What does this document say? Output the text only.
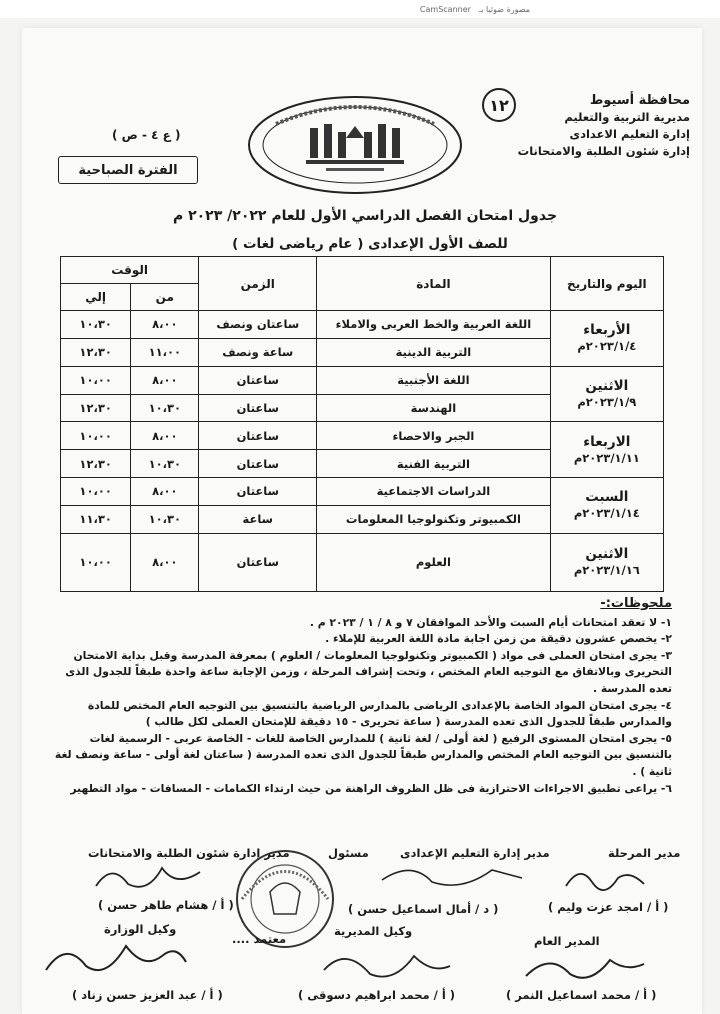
CamScanner مصورة ضوئيا بـ
محافظة أسيوط
مديرية التربية والتعليم
إدارة التعليم الاعدادى
إدارة شئون الطلبة والامتحانات
١٢
( ع ٤ - ص )
الفترة الصباحية
جدول امتحان الفصل الدراسي الأول للعام ٢٠٢٢/ ٢٠٢٣ م
للصف الأول الإعدادى ( عام رياضى لغات )
اليوم والتاريخ	المادة	الزمن	الوقت	
			من	إلي

الأربعاء
٢٠٢٣/١/٤م	اللغة العربية والخط العربى والاملاء	ساعتان ونصف	٨،٠٠	١٠،٣٠
	التربية الدينية	ساعة ونصف	١١،٠٠	١٢،٣٠

الاثنين
٢٠٢٣/١/٩م	اللغة الأجنبية	ساعتان	٨،٠٠	١٠،٠٠
	الهندسة	ساعتان	١٠،٣٠	١٢،٣٠

الاربعاء
٢٠٢٣/١/١١م	الجبر والاحصاء	ساعتان	٨،٠٠	١٠،٠٠
	التربية الفنية	ساعتان	١٠،٣٠	١٢،٣٠

السبت
٢٠٢٣/١/١٤م	الدراسات الاجتماعية	ساعتان	٨،٠٠	١٠،٠٠
	الكمبيوتر وتكنولوجيا المعلومات	ساعة	١٠،٣٠	١١،٣٠

الاثنين
٢٠٢٣/١/١٦م	العلوم	ساعتان	٨،٠٠	١٠،٠٠
ملحوظات:-
١- لا تعقد امتحانات أيام السبت والأحد الموافقان ٧ و ٨ / ١ / ٢٠٢٣ م .
٢- يخصص عشرون دقيقة من زمن اجابة مادة اللغة العربية للإملاء .
٣- يجرى امتحان العملى فى مواد ( الكمبيوتر وتكنولوجيا المعلومات / العلوم ) بمعرفة المدرسة وقبل بداية الامتحان التحريرى وبالاتفاق مع التوجيه العام المختص ، وتحت إشراف المرحلة ، وزمن الإجابة ساعة واحدة طبقاً للجدول الذى تعده المدرسة .
٤- يجرى امتحان المواد الخاصة بالإعدادى الرياضى بالمدارس الرياضية بالتنسيق بين التوجيه العام المختص للمادة والمدارس طبقاً للجدول الذى تعده المدرسة ( ساعة تحريرى - ١٥ دقيقة للإمتحان العملى لكل طالب )
٥- يجرى امتحان المستوى الرفيع ( لغة أولى / لغة ثانية ) للمدارس الخاصة للغات - الخاصة عربى - الرسمية لغات بالتنسيق بين التوجيه العام المختص والمدارس طبقاً للجدول الذى تعده المدرسة ( ساعتان لغة أولى - ساعة ونصف لغة ثانية ) .
٦- يراعى تطبيق الاجراءات الاحترازية فى ظل الظروف الراهنة من حيث ارتداء الكمامات - المسافات - مواد التطهير
مدير المرحلة
مدير إدارة التعليم الإعدادى
مسئول
مدير إدارة شئون الطلبة والامتحانات
( أ / امجد عزت وليم )
( د / أمال اسماعيل حسن )
( أ / هشام طاهر حسن )
المدير العام
وكيل المديرية
معتمد ....
وكيل الوزارة
( أ / محمد اسماعيل النمر )
( أ / محمد ابراهيم دسوقى )
( أ / عبد العزيز حسن زناد )
